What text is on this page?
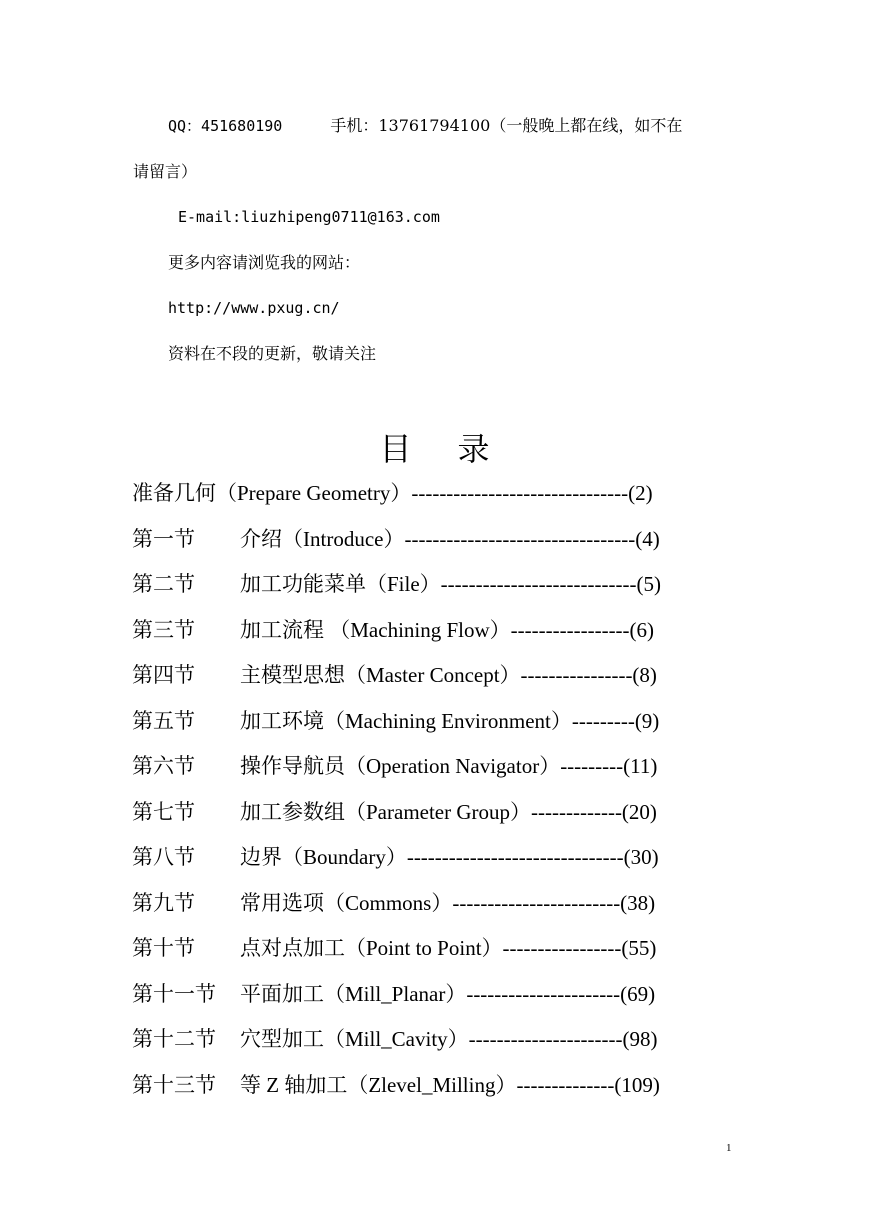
QQ：451680190	手机：13761794100（一般晚上都在线，如不在
请留言）
E-mail:liuzhipeng0711@163.com
更多内容请浏览我的网站：
http://www.pxug.cn/
资料在不段的更新，敬请关注
目录
准备几何（Prepare Geometry）-------------------------------(2)
第一节 介绍（Introduce）---------------------------------(4)
第二节 加工功能菜单（File）----------------------------(5)
第三节 加工流程 （Machining Flow）-----------------(6)
第四节 主模型思想（Master Concept）----------------(8)
第五节 加工环境（Machining Environment）---------(9)
第六节 操作导航员（Operation Navigator）---------(11)
第七节 加工参数组（Parameter Group）-------------(20)
第八节 边界（Boundary）-------------------------------(30)
第九节 常用选项（Commons）------------------------(38)
第十节 点对点加工（Point to Point）-----------------(55)
第十一节 平面加工（Mill_Planar）----------------------(69)
第十二节 穴型加工（Mill_Cavity）----------------------(98)
第十三节 等 Z 轴加工（Zlevel_Milling）--------------(109)
1
